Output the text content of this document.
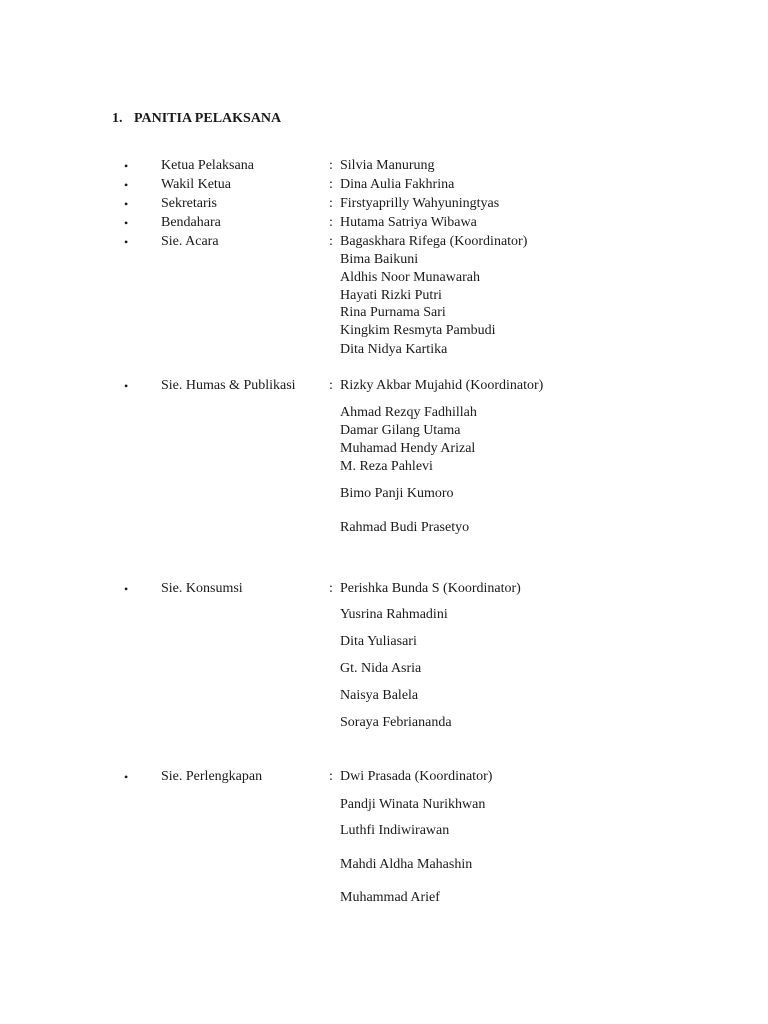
1. PANITIA PELAKSANA
•	Ketua Pelaksana	: Silvia Manurung
•	Wakil Ketua	: Dina Aulia Fakhrina
•	Sekretaris	: Firstyaprilly Wahyuningtyas
•	Bendahara	: Hutama Satriya Wibawa
•	Sie. Acara	: Bagaskhara Rifega (Koordinator)
Bima Baikuni
Aldhis Noor Munawarah
Hayati Rizki Putri
Rina Purnama Sari
Kingkim Resmyta Pambudi
Dita Nidya Kartika
•	Sie. Humas & Publikasi : Rizky Akbar Mujahid (Koordinator)
Ahmad Rezqy Fadhillah
Damar Gilang Utama
Muhamad Hendy Arizal
M. Reza Pahlevi
Bimo Panji Kumoro
Rahmad Budi Prasetyo
•	Sie. Konsumsi	: Perishka Bunda S (Koordinator)
Yusrina Rahmadini
Dita Yuliasari
Gt. Nida Asria
Naisya Balela
Soraya Febriananda
•	Sie. Perlengkapan	: Dwi Prasada (Koordinator)
Pandji Winata Nurikhwan
Luthfi Indiwirawan
Mahdi Aldha Mahashin
Muhammad Arief
